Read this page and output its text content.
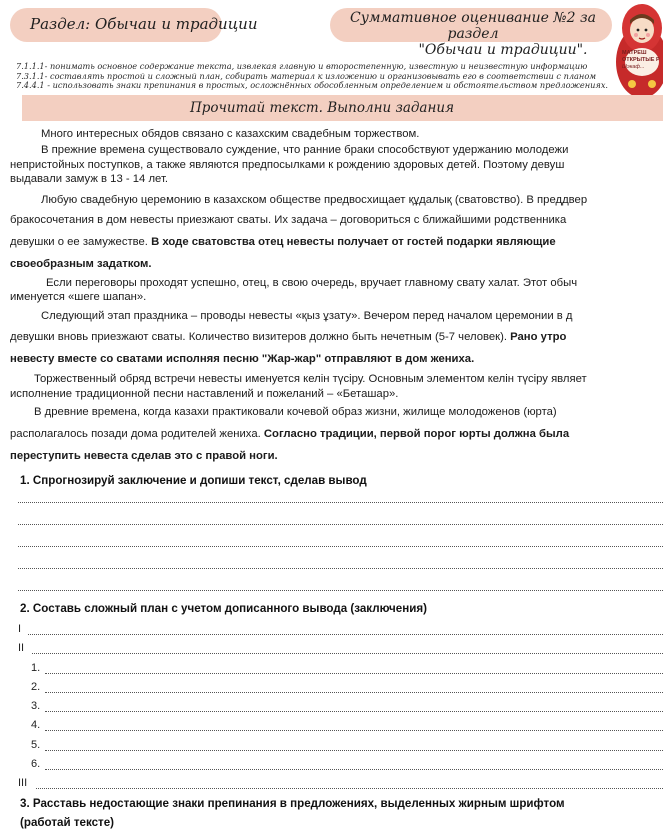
Раздел: Обычаи и традиции	Суммативное оценивание №2 за раздел
"Обычаи и традиции".	МАТРЕШ
ОТКРЫТЫЕ Р
Шэкаф...
7.1.1.1- понимать основное содержание текста, извлекая главную и второстепенную, известную и неизвестную информацию
7.3.1.1- составлять простой и сложный план, собирать материал к изложению и организовывать его в соответствии с планом
7.4.4.1 - использовать знаки препинания в простых, осложнённых обособленным определением и обстоятельством предложениях.
Прочитай текст. Выполни задания
Много интересных обядов связано с казахским свадебным торжеством.
В прежние времена существовало суждение, что ранние браки способствуют удержанию молодежи
непристойных поступков, а также являются предпосылками к рождению здоровых детей. Поэтому девуш
выдавали замуж в 13 - 14 лет.
Любую свадебную церемонию в казахском обществе предвосхищает құдалық (сватовство). В преддвер
бракосочетания в дом невесты приезжают сваты. Их задача – договориться с ближайшими родственника
девушки о ее замужестве. В ходе сватовства отец невесты получает от гостей подарки являющие
своеобразным задатком.
Если переговоры проходят успешно, отец, в свою очередь, вручает главному свату халат. Этот обыч
именуется «шеге шапан».
Следующий этап праздника – проводы невесты «қыз ұзату». Вечером перед началом церемонии в д
девушки вновь приезжают сваты. Количество визитеров должно быть нечетным (5-7 человек). Рано утро
невесту вместе со сватами исполняя песню "Жар-жар" отправляют в дом жениха.
Торжественный обряд встречи невесты именуется келін түсіру. Основным элементом келін түсіру являет
исполнение традиционной песни наставлений и пожеланий – «Беташар».
В древние времена, когда казахи практиковали кочевой образ жизни, жилище молодоженов (юрта)
располагалось позади дома родителей жениха. Согласно традиции, первой порог юрты должна была
переступить невеста сделав это с правой ноги.
1. Спрогнозируй заключение и допиши текст, сделав вывод
2. Составь сложный план с учетом дописанного вывода (заключения)
I
II
1.
2.
3.
4.
5.
6.
III
3. Расставь недостающие знаки препинания в предложениях, выделенных жирным шрифтом
(работай тексте)
